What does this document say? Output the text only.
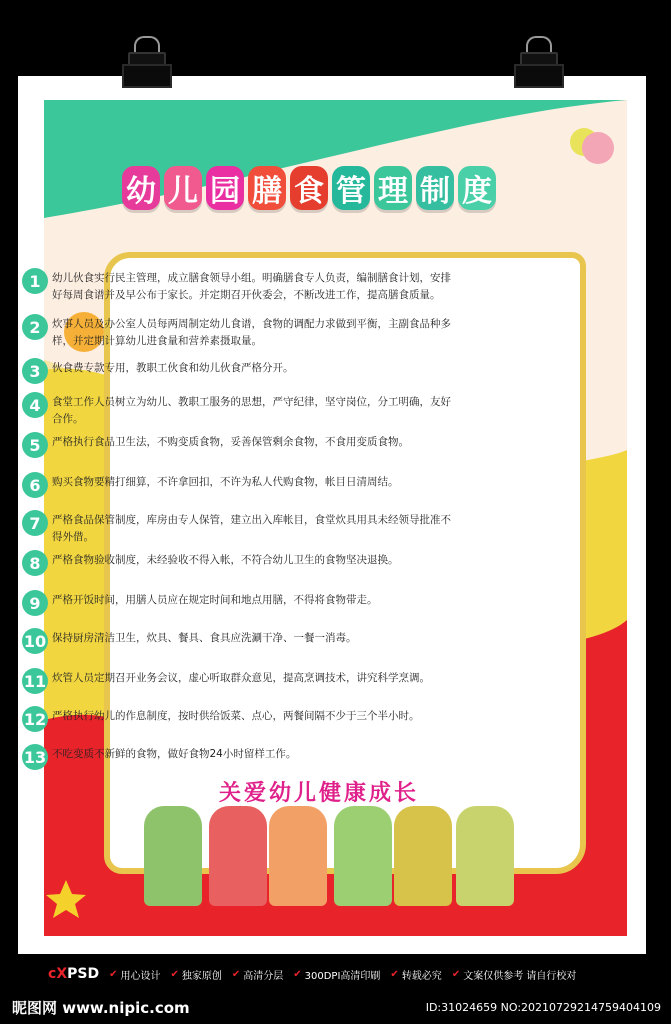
幼 儿 园 膳 食 管 理 制 度
1	幼儿伙食实行民主管理，成立膳食领导小组。明确膳食专人负责，编制膳食计划，安排好每周食谱并及早公布于家长。并定期召开伙委会，不断改进工作，提高膳食质量。
2	炊事人员及办公室人员每两周制定幼儿食谱，食物的调配力求做到平衡，主副食品种多样，并定期计算幼儿进食量和营养素摄取量。
3	伙食费专款专用，教职工伙食和幼儿伙食严格分开。
4	食堂工作人员树立为幼儿、教职工服务的思想，严守纪律，坚守岗位，分工明确，友好合作。
5	严格执行食品卫生法，不购变质食物，妥善保管剩余食物，不食用变质食物。
6	购买食物要精打细算，不许拿回扣，不许为私人代购食物，帐目日清周结。
7	严格食品保管制度，库房由专人保管，建立出入库帐目，食堂炊具用具未经领导批准不得外借。
8	严格食物验收制度，未经验收不得入帐，不符合幼儿卫生的食物坚决退换。
9	严格开饭时间，用膳人员应在规定时间和地点用膳，不得将食物带走。
10 保持厨房清洁卫生，炊具、餐具、食具应洗涮干净、一餐一消毒。
11 炊管人员定期召开业务会议，虚心听取群众意见，提高烹调技术，讲究科学烹调。
12 严格执行幼儿的作息制度，按时供给饭菜、点心，两餐间隔不少于三个半小时。
13 不吃变质不新鲜的食物，做好食物24小时留样工作。
关爱幼儿健康成长
cXPSD ✔ 用心设计 ✔ 独家原创 ✔ 高清分层 ✔ 300DPI高清印刷 ✔ 转载必究 ✔ 文案仅供参考 请自行校对
昵图网 www.nipic.com	ID:31024659 NO:20210729214759404109
